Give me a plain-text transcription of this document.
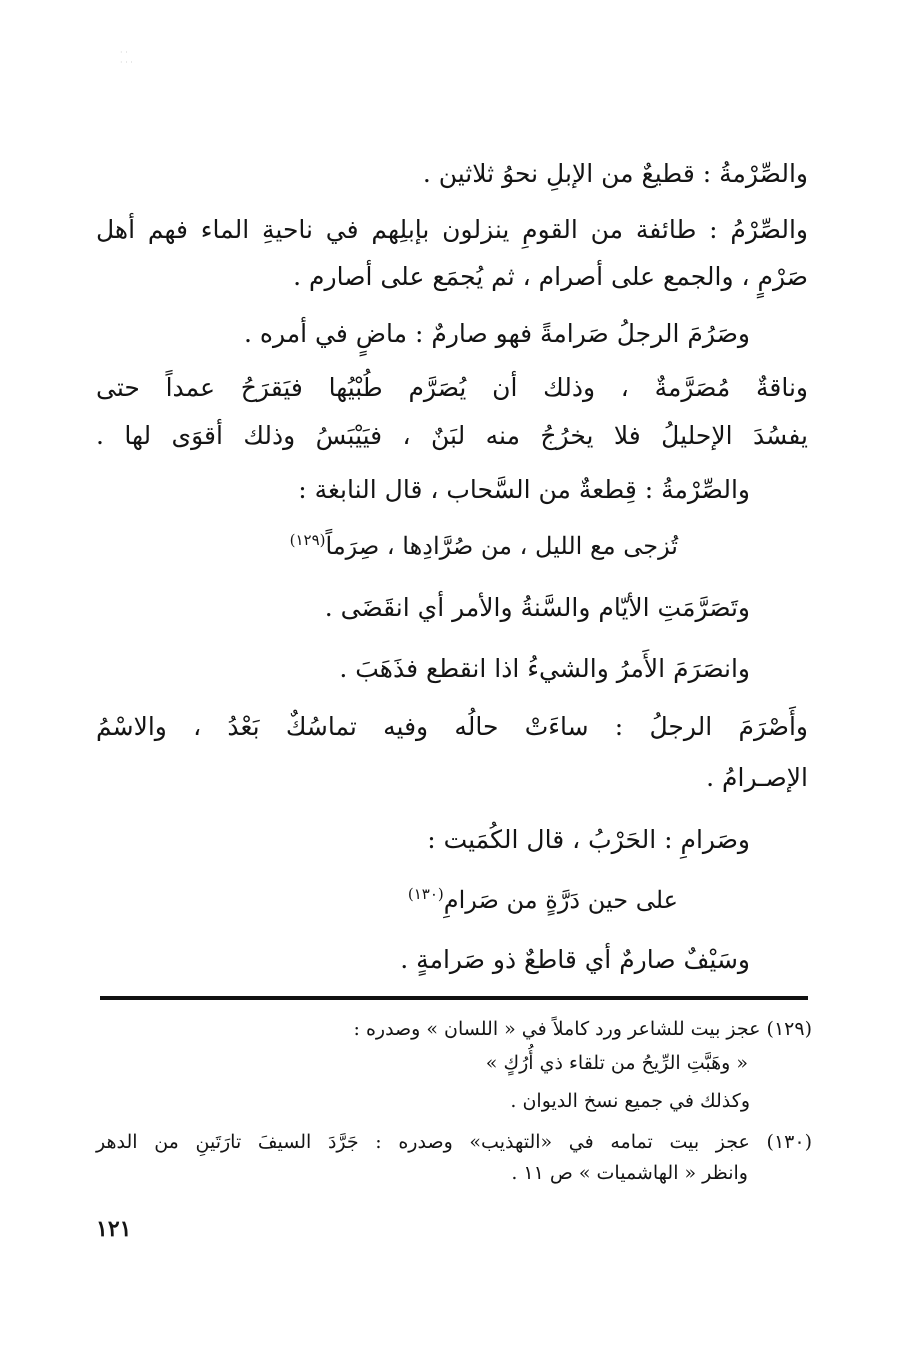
· ·
· · ·
والصِّرْمةُ : قطيعٌ من الإبلِ نحوُ ثلاثين .
والصِّرْمُ : طائفة من القومِ ينزلون بإبلِهم في ناحيةِ الماء فهم أهل
صَرْمٍ ، والجمع على أصرام ، ثم يُجمَع على أصارم .
وصَرُمَ الرجلُ صَرامةً فهو صارمٌ : ماضٍ في أمره .
وناقةٌ مُصَرَّمةٌ ، وذلك أن يُصَرَّم طُبْيُها فيَقرَحُ عمداً حتى
يفسُدَ الإحليلُ فلا يخرُجُ منه لبَنٌ ، فيَيْبَسُ وذلك أقوَى لها .
والصِّرْمةُ : قِطعةٌ من السَّحاب ، قال النابغة :
تُزجى مع الليل ، من صُرَّادِها ، صِرَماً$^{(١٢٩)}$
وتَصَرَّمَتِ الأيّام والسَّنةُ والأمر أي انقَضَى .
وانصَرَمَ الأَمرُ والشيءُ اذا انقطع فذَهَبَ .
وأَصْرَمَ الرجلُ : ساءَتْ حالُه وفيه تماسُكٌ بَعْدُ ، والاسْمُ
الإصـرامُ .
وصَرامِ : الحَرْبُ ، قال الكُمَيت :
على حين دَرَّةٍ من صَرامِ$^{(١٣٠)}$
وسَيْفٌ صارمٌ أي قاطعٌ ذو صَرامةٍ .
(١٢٩) عجز بيت للشاعر ورد كاملاً في « اللسان » وصدره :
« وهَبَّتِ الرِّيحُ من تلقاء ذي أُرُكٍ »
وكذلك في جميع نسخ الديوان .
(١٣٠) عجز بيت تمامه في «التهذيب» وصدره : جَرَّدَ السيفَ تارَتَينِ من الدهر
وانظر « الهاشميات » ص ١١ .
١٢١
